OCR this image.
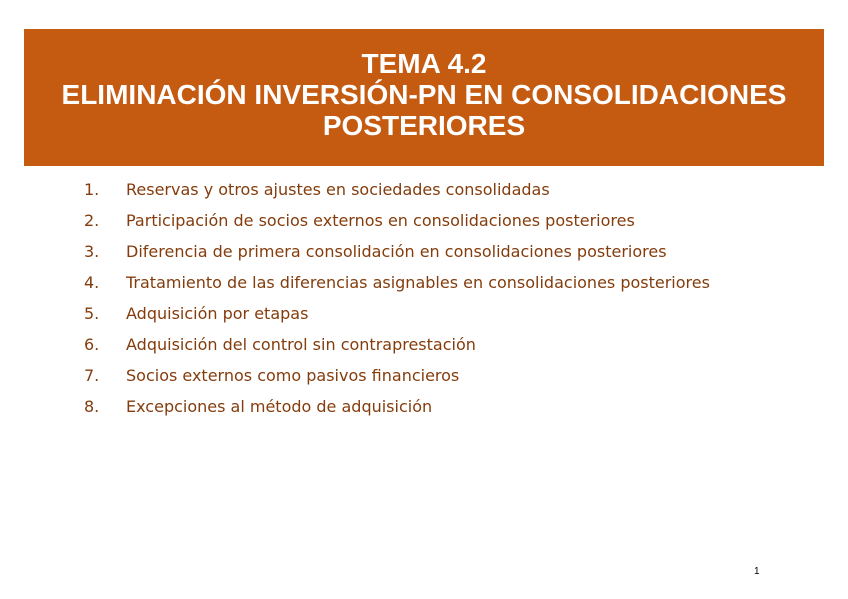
TEMA 4.2
ELIMINACIÓN INVERSIÓN-PN EN CONSOLIDACIONES
POSTERIORES
1. Reservas y otros ajustes en sociedades consolidadas
2. Participación de socios externos en consolidaciones posteriores
3. Diferencia de primera consolidación en consolidaciones posteriores
4. Tratamiento de las diferencias asignables en consolidaciones posteriores
5. Adquisición por etapas
6. Adquisición del control sin contraprestación
7. Socios externos como pasivos financieros
8. Excepciones al método de adquisición
1
